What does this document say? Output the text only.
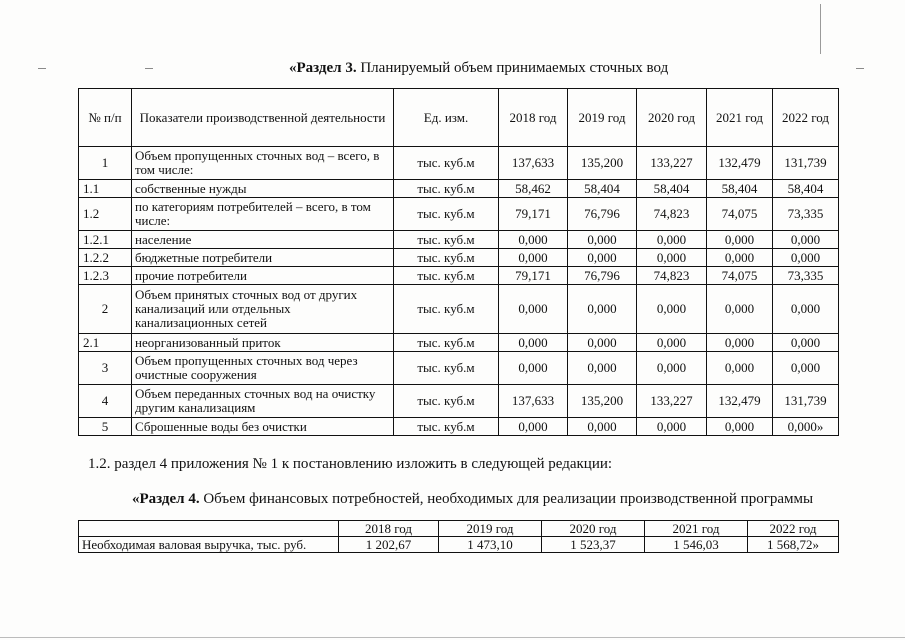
«Раздел 3. Планируемый объем принимаемых сточных вод
№ п/п	Показатели производственной деятельности	Ед. изм.	2018 год	2019 год	2020 год	2021 год	2022 год
1	Объем пропущенных сточных вод – всего, в том числе:	тыс. куб.м	137,633	135,200	133,227	132,479	131,739
1.1	собственные нужды	тыс. куб.м	58,462	58,404	58,404	58,404	58,404
1.2	по категориям потребителей – всего, в том числе:	тыс. куб.м	79,171	76,796	74,823	74,075	73,335
1.2.1	население	тыс. куб.м	0,000	0,000	0,000	0,000	0,000
1.2.2	бюджетные потребители	тыс. куб.м	0,000	0,000	0,000	0,000	0,000
1.2.3	прочие потребители	тыс. куб.м	79,171	76,796	74,823	74,075	73,335
2	Объем принятых сточных вод от других канализаций или отдельных канализационных сетей	тыс. куб.м	0,000	0,000	0,000	0,000	0,000
2.1	неорганизованный приток	тыс. куб.м	0,000	0,000	0,000	0,000	0,000
3	Объем пропущенных сточных вод через очистные сооружения	тыс. куб.м	0,000	0,000	0,000	0,000	0,000
4	Объем переданных сточных вод на очистку другим канализациям	тыс. куб.м	137,633	135,200	133,227	132,479	131,739
5	Сброшенные воды без очистки	тыс. куб.м	0,000	0,000	0,000	0,000	0,000»
1.2. раздел 4 приложения № 1 к постановлению изложить в следующей редакции:
«Раздел 4. Объем финансовых потребностей, необходимых для реализации производственной программы
	2018 год	2019 год	2020 год	2021 год	2022 год
Необходимая валовая выручка, тыс. руб.	1 202,67	1 473,10	1 523,37	1 546,03	1 568,72»
